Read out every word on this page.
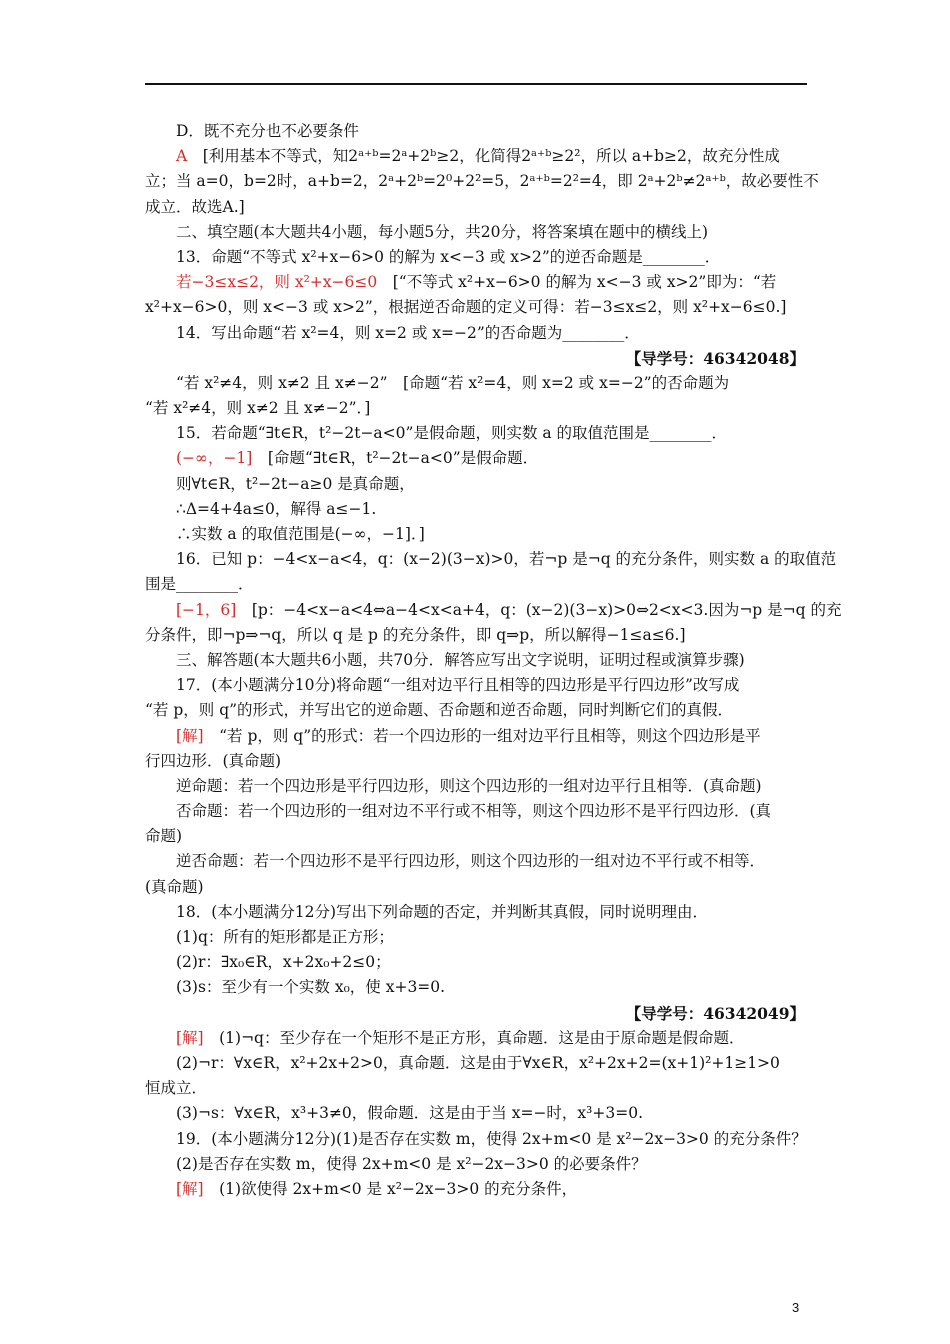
D．既不充分也不必要条件
A　[利用基本不等式，知2ᵃ⁺ᵇ=2ᵃ+2ᵇ≥2，化简得2ᵃ⁺ᵇ≥2²，所以 a+b≥2，故充分性成
立；当 a=0，b=2时，a+b=2，2ᵃ+2ᵇ=2⁰+2²=5，2ᵃ⁺ᵇ=2²=4，即 2ᵃ+2ᵇ≠2ᵃ⁺ᵇ，故必要性不
成立．故选A.]
二、填空题(本大题共4小题，每小题5分，共20分，将答案填在题中的横线上)
13．命题“不等式 x²+x−6>0 的解为 x<−3 或 x>2”的逆否命题是________．
若−3≤x≤2，则 x²+x−6≤0　[“不等式 x²+x−6>0 的解为 x<−3 或 x>2”即为：“若
x²+x−6>0，则 x<−3 或 x>2”，根据逆否命题的定义可得：若−3≤x≤2，则 x²+x−6≤0.]
14．写出命题“若 x²=4，则 x=2 或 x=−2”的否命题为________．
【导学号：46342048】
“若 x²≠4，则 x≠2 且 x≠−2”　[命题“若 x²=4，则 x=2 或 x=−2”的否命题为
“若 x²≠4，则 x≠2 且 x≠−2”．]
15．若命题“∃t∈R，t²−2t−a<0”是假命题，则实数 a 的取值范围是________．
(−∞，−1]　[命题“∃t∈R，t²−2t−a<0”是假命题．
则∀t∈R，t²−2t−a≥0 是真命题，
∴Δ=4+4a≤0，解得 a≤−1.
∴实数 a 的取值范围是(−∞，−1]．]
16．已知 p：−4<x−a<4，q：(x−2)(3−x)>0，若¬p 是¬q 的充分条件，则实数 a 的取值范
围是________．
[−1，6]　[p：−4<x−a<4⇔a−4<x<a+4，q：(x−2)(3−x)>0⇔2<x<3.因为¬p 是¬q 的充
分条件，即¬p⇒¬q，所以 q 是 p 的充分条件，即 q⇒p，所以解得−1≤a≤6.]
三、解答题(本大题共6小题，共70分．解答应写出文字说明，证明过程或演算步骤)
17．(本小题满分10分)将命题“一组对边平行且相等的四边形是平行四边形”改写成
“若 p，则 q”的形式，并写出它的逆命题、否命题和逆否命题，同时判断它们的真假．
[解]　“若 p，则 q”的形式：若一个四边形的一组对边平行且相等，则这个四边形是平
行四边形．(真命题)
逆命题：若一个四边形是平行四边形，则这个四边形的一组对边平行且相等．(真命题)
否命题：若一个四边形的一组对边不平行或不相等，则这个四边形不是平行四边形．(真
命题)
逆否命题：若一个四边形不是平行四边形，则这个四边形的一组对边不平行或不相等．
(真命题)
18．(本小题满分12分)写出下列命题的否定，并判断其真假，同时说明理由．
(1)q：所有的矩形都是正方形；
(2)r：∃x₀∈R，x+2x₀+2≤0；
(3)s：至少有一个实数 x₀，使 x+3=0.
【导学号：46342049】
[解]　(1)¬q：至少存在一个矩形不是正方形，真命题．这是由于原命题是假命题．
(2)¬r：∀x∈R，x²+2x+2>0，真命题．这是由于∀x∈R，x²+2x+2=(x+1)²+1≥1>0
恒成立．
(3)¬s：∀x∈R，x³+3≠0，假命题．这是由于当 x=−时，x³+3=0.
19．(本小题满分12分)(1)是否存在实数 m，使得 2x+m<0 是 x²−2x−3>0 的充分条件？
(2)是否存在实数 m，使得 2x+m<0 是 x²−2x−3>0 的必要条件？
[解]　(1)欲使得 2x+m<0 是 x²−2x−3>0 的充分条件，
3
